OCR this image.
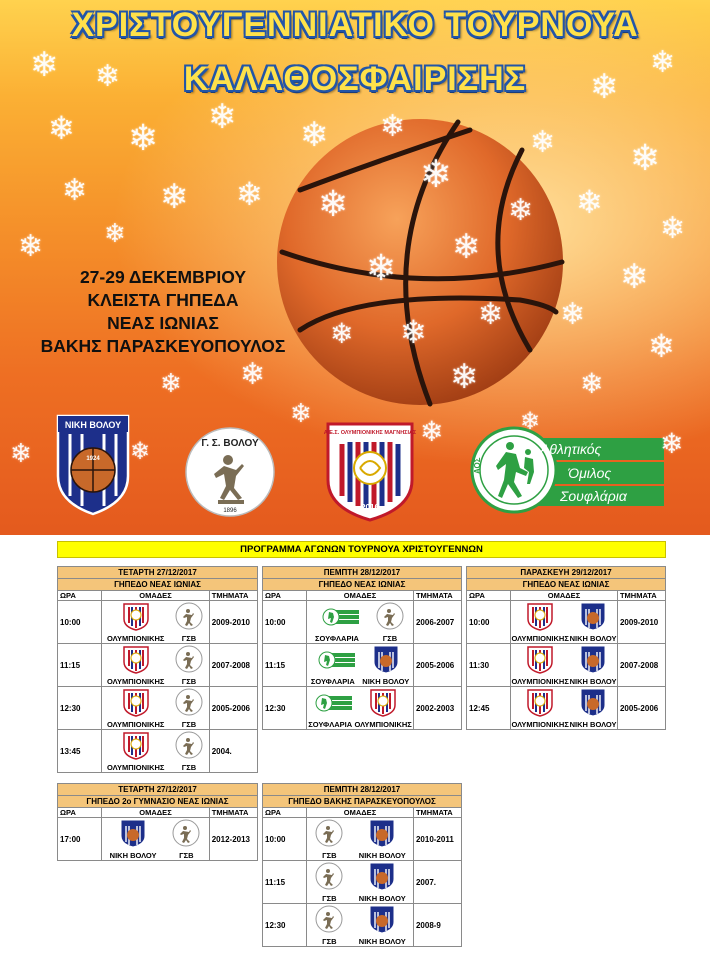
ΧΡΙΣΤΟΥΓΕΝΝΙΑΤΙΚΟ ΤΟΥΡΝΟΥΑ
ΚΑΛΑΘΟΣΦΑΙΡΙΣΗΣ
27-29 ΔΕΚΕΜΒΡΙΟΥ
ΚΛΕΙΣΤΑ ΓΗΠΕΔΑ
ΝΕΑΣ ΙΩΝΙΑΣ
ΒΑΚΗΣ ΠΑΡΑΣΚΕΥΟΠΟΥΛΟΣ
ΝΙΚΗ ΒΟΛΟΥ
1924
Γ. Σ. ΒΟΛΟΥ
1896
Α.Ε.Σ. ΟΛΥΜΠΙΟΝΙΚΗΣ ΜΑΓΝΗΣΙΑΣ
2016
ΑΟΣ
Αθλητικός
Όμιλος
Σουφλάρια
❄ ❄
❄ ❄ ❄
❄ ❄ ❄
❄
❄
❄
❄
❄
❄
❄ ❄
❄
❄ ❄
❄
❄
❄
❄
❄
❄
❄
❄
❄
❄
❄
❄
❄
❄
❄
❄	❄
❄
❄
❄
ΠΡΟΓΡΑΜΜΑ ΑΓΩΝΩΝ ΤΟΥΡΝΟΥΑ ΧΡΙΣΤΟΥΓΕΝΝΩΝ
ΤΕΤΑΡΤΗ 27/12/2017
ΓΗΠΕΔΟ ΝΕΑΣ ΙΩΝΙΑΣ
ΩΡΑ	ΟΜΑΔΕΣ	ΤΜΗΜΑΤΑ
10:00	ΟΛΥΜΠΙΟΝΙΚΗΣ ΓΣΒ	2009-2010
11:15	ΟΛΥΜΠΙΟΝΙΚΗΣ ΓΣΒ	2007-2008
12:30	ΟΛΥΜΠΙΟΝΙΚΗΣ ΓΣΒ	2005-2006
13:45	ΟΛΥΜΠΙΟΝΙΚΗΣ ΓΣΒ	2004.
ΠΕΜΠΤΗ 28/12/2017
ΓΗΠΕΔΟ ΝΕΑΣ ΙΩΝΙΑΣ
ΩΡΑ	ΟΜΑΔΕΣ	ΤΜΗΜΑΤΑ
10:00	ΣΟΥΦΛΑΡΙΑ ΓΣΒ	2006-2007
11:15	ΣΟΥΦΛΑΡΙΑ ΝΙΚΗ ΒΟΛΟΥ	2005-2006
12:30	ΣΟΥΦΛΑΡΙΑ ΟΛΥΜΠΙΟΝΙΚΗΣ	2002-2003
ΠΑΡΑΣΚΕΥΗ 29/12/2017
ΓΗΠΕΔΟ ΝΕΑΣ ΙΩΝΙΑΣ
ΩΡΑ	ΟΜΑΔΕΣ	ΤΜΗΜΑΤΑ
10:00	ΟΛΥΜΠΙΟΝΙΚΗΣ ΝΙΚΗ ΒΟΛΟΥ	2009-2010
11:30	ΟΛΥΜΠΙΟΝΙΚΗΣ ΝΙΚΗ ΒΟΛΟΥ	2007-2008
12:45	ΟΛΥΜΠΙΟΝΙΚΗΣ ΝΙΚΗ ΒΟΛΟΥ	2005-2006
ΤΕΤΑΡΤΗ 27/12/2017
ΓΗΠΕΔΟ 2ο ΓΥΜΝΑΣΙΟ ΝΕΑΣ ΙΩΝΙΑΣ
ΩΡΑ	ΟΜΑΔΕΣ	ΤΜΗΜΑΤΑ
17:00	ΝΙΚΗ ΒΟΛΟΥ ΓΣΒ	2012-2013
ΠΕΜΠΤΗ 28/12/2017
ΓΗΠΕΔΟ ΒΑΚΗΣ ΠΑΡΑΣΚΕΥΟΠΟΥΛΟΣ
ΩΡΑ	ΟΜΑΔΕΣ	ΤΜΗΜΑΤΑ
10:00	ΓΣΒ ΝΙΚΗ ΒΟΛΟΥ	2010-2011
11:15	ΓΣΒ ΝΙΚΗ ΒΟΛΟΥ	2007.
12:30	ΓΣΒ ΝΙΚΗ ΒΟΛΟΥ	2008-9
